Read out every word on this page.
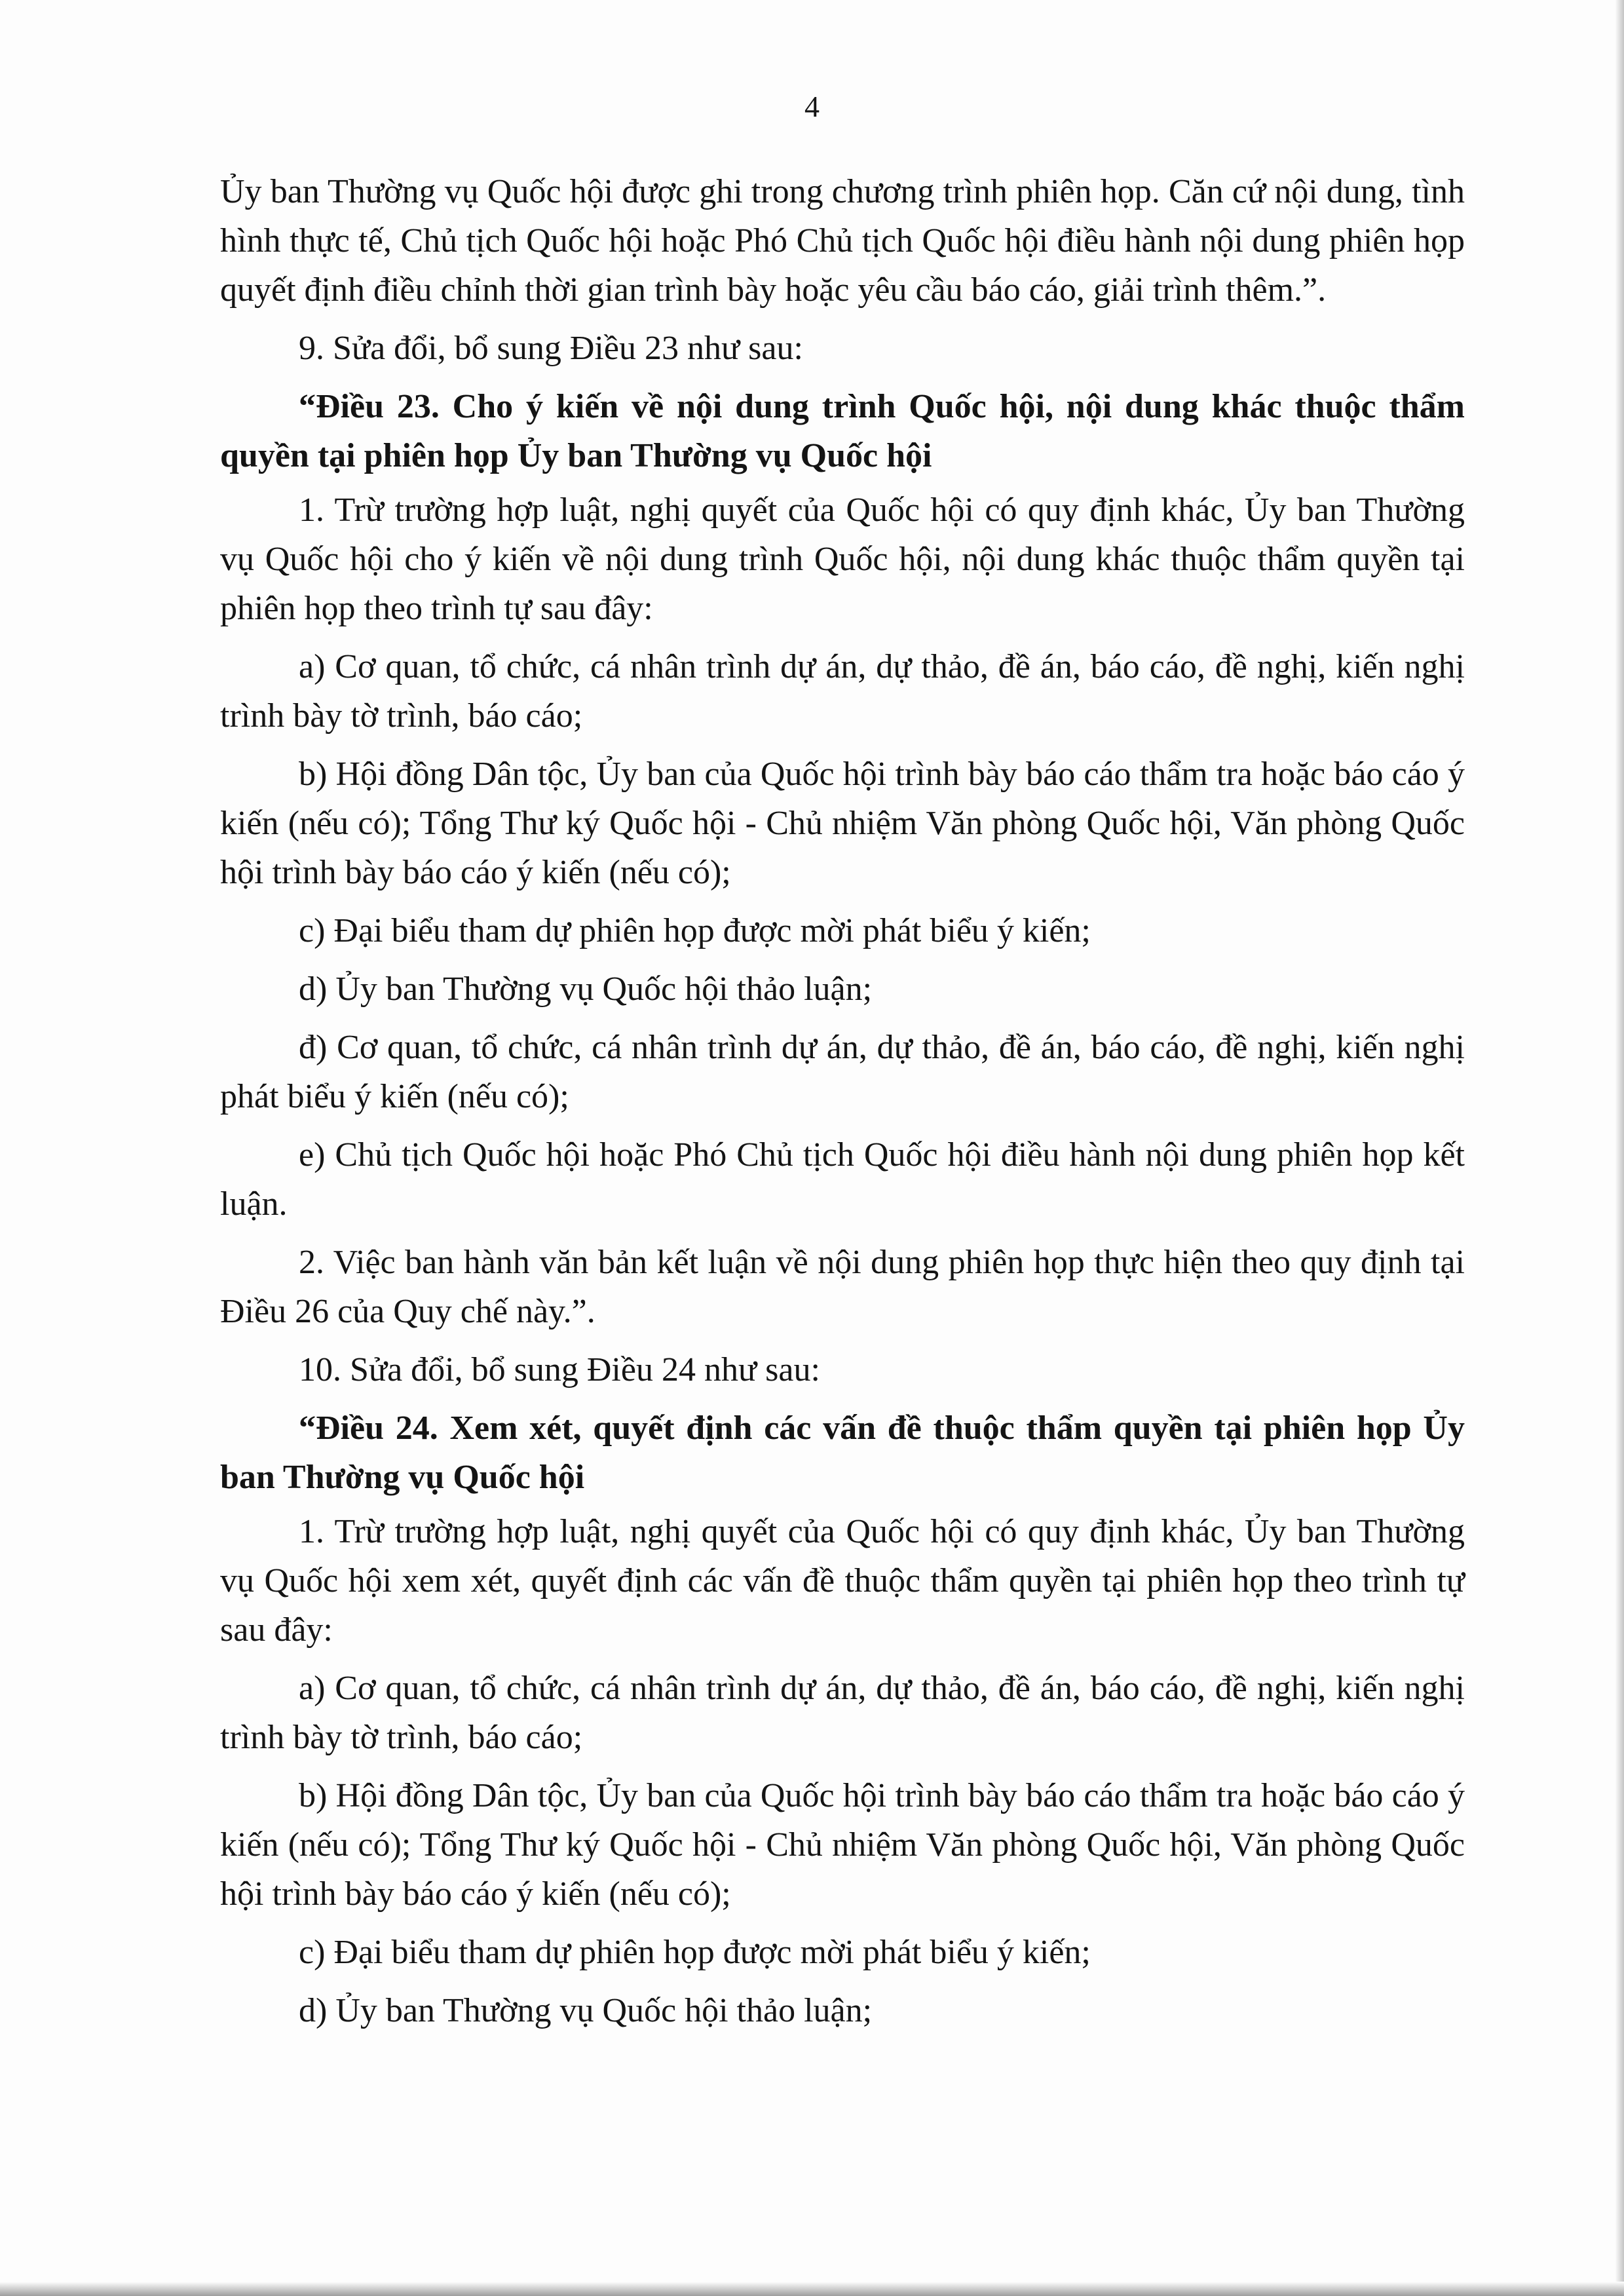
4

Ủy ban Thường vụ Quốc hội được ghi trong chương trình phiên họp. Căn cứ nội dung, tình hình thực tế, Chủ tịch Quốc hội hoặc Phó Chủ tịch Quốc hội điều hành nội dung phiên họp quyết định điều chỉnh thời gian trình bày hoặc yêu cầu báo cáo, giải trình thêm.”.

9. Sửa đổi, bổ sung Điều 23 như sau:

“Điều 23. Cho ý kiến về nội dung trình Quốc hội, nội dung khác thuộc thẩm quyền tại phiên họp Ủy ban Thường vụ Quốc hội

1. Trừ trường hợp luật, nghị quyết của Quốc hội có quy định khác, Ủy ban Thường vụ Quốc hội cho ý kiến về nội dung trình Quốc hội, nội dung khác thuộc thẩm quyền tại phiên họp theo trình tự sau đây:

a) Cơ quan, tổ chức, cá nhân trình dự án, dự thảo, đề án, báo cáo, đề nghị, kiến nghị trình bày tờ trình, báo cáo;

b) Hội đồng Dân tộc, Ủy ban của Quốc hội trình bày báo cáo thẩm tra hoặc báo cáo ý kiến (nếu có); Tổng Thư ký Quốc hội - Chủ nhiệm Văn phòng Quốc hội, Văn phòng Quốc hội trình bày báo cáo ý kiến (nếu có);

c) Đại biểu tham dự phiên họp được mời phát biểu ý kiến;

d) Ủy ban Thường vụ Quốc hội thảo luận;

đ) Cơ quan, tổ chức, cá nhân trình dự án, dự thảo, đề án, báo cáo, đề nghị, kiến nghị phát biểu ý kiến (nếu có);

e) Chủ tịch Quốc hội hoặc Phó Chủ tịch Quốc hội điều hành nội dung phiên họp kết luận.

2. Việc ban hành văn bản kết luận về nội dung phiên họp thực hiện theo quy định tại Điều 26 của Quy chế này.”.

10. Sửa đổi, bổ sung Điều 24 như sau:

“Điều 24. Xem xét, quyết định các vấn đề thuộc thẩm quyền tại phiên họp Ủy ban Thường vụ Quốc hội

1. Trừ trường hợp luật, nghị quyết của Quốc hội có quy định khác, Ủy ban Thường vụ Quốc hội xem xét, quyết định các vấn đề thuộc thẩm quyền tại phiên họp theo trình tự sau đây:

a) Cơ quan, tổ chức, cá nhân trình dự án, dự thảo, đề án, báo cáo, đề nghị, kiến nghị trình bày tờ trình, báo cáo;

b) Hội đồng Dân tộc, Ủy ban của Quốc hội trình bày báo cáo thẩm tra hoặc báo cáo ý kiến (nếu có); Tổng Thư ký Quốc hội - Chủ nhiệm Văn phòng Quốc hội, Văn phòng Quốc hội trình bày báo cáo ý kiến (nếu có);

c) Đại biểu tham dự phiên họp được mời phát biểu ý kiến;

d) Ủy ban Thường vụ Quốc hội thảo luận;
